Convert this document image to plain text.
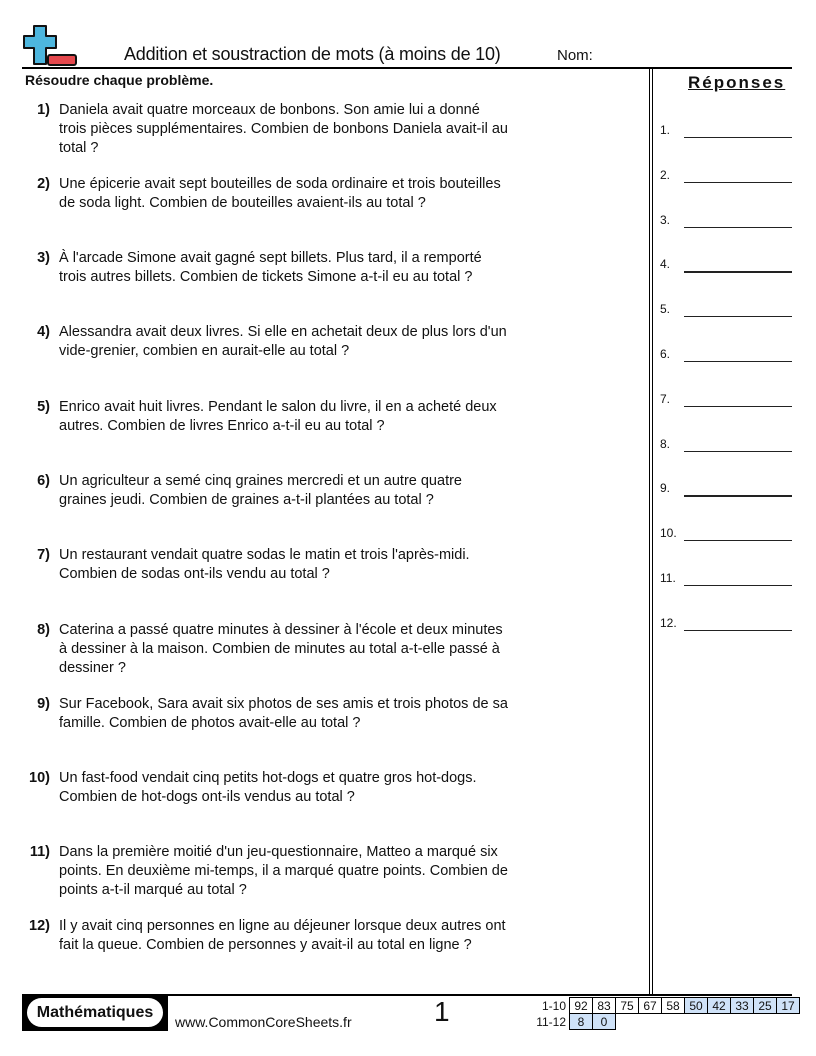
Addition et soustraction de mots (à moins de 10)	Nom:
Résoudre chaque problème.	Réponses
1) Daniela avait quatre morceaux de bonbons. Son amie lui a donné trois pièces supplémentaires. Combien de bonbons Daniela avait-il au total ?
2) Une épicerie avait sept bouteilles de soda ordinaire et trois bouteilles de soda light. Combien de bouteilles avaient-ils au total ?
3) À l'arcade Simone avait gagné sept billets. Plus tard, il a remporté trois autres billets. Combien de tickets Simone a-t-il eu au total ?
4) Alessandra avait deux livres. Si elle en achetait deux de plus lors d'un vide-grenier, combien en aurait-elle au total ?
5) Enrico avait huit livres. Pendant le salon du livre, il en a acheté deux autres. Combien de livres Enrico a-t-il eu au total ?
6) Un agriculteur a semé cinq graines mercredi et un autre quatre graines jeudi. Combien de graines a-t-il plantées au total ?
7) Un restaurant vendait quatre sodas le matin et trois l'après-midi. Combien de sodas ont-ils vendu au total ?
8) Caterina a passé quatre minutes à dessiner à l'école et deux minutes à dessiner à la maison. Combien de minutes au total a-t-elle passé à dessiner ?
9) Sur Facebook, Sara avait six photos de ses amis et trois photos de sa famille. Combien de photos avait-elle au total ?
10) Un fast-food vendait cinq petits hot-dogs et quatre gros hot-dogs. Combien de hot-dogs ont-ils vendus au total ?
11) Dans la première moitié d'un jeu-questionnaire, Matteo a marqué six points. En deuxième mi-temps, il a marqué quatre points. Combien de points a-t-il marqué au total ?
12) Il y avait cinq personnes en ligne au déjeuner lorsque deux autres ont fait la queue. Combien de personnes y avait-il au total en ligne ?
1.
2.
3.
4.
5.
6.
7.
8.
9.
10.
11.
12.
Mathématiques
www.CommonCoreSheets.fr	1	1-10	92	83	75	67	58	50	42	33	25	17
11-12	8	0								
